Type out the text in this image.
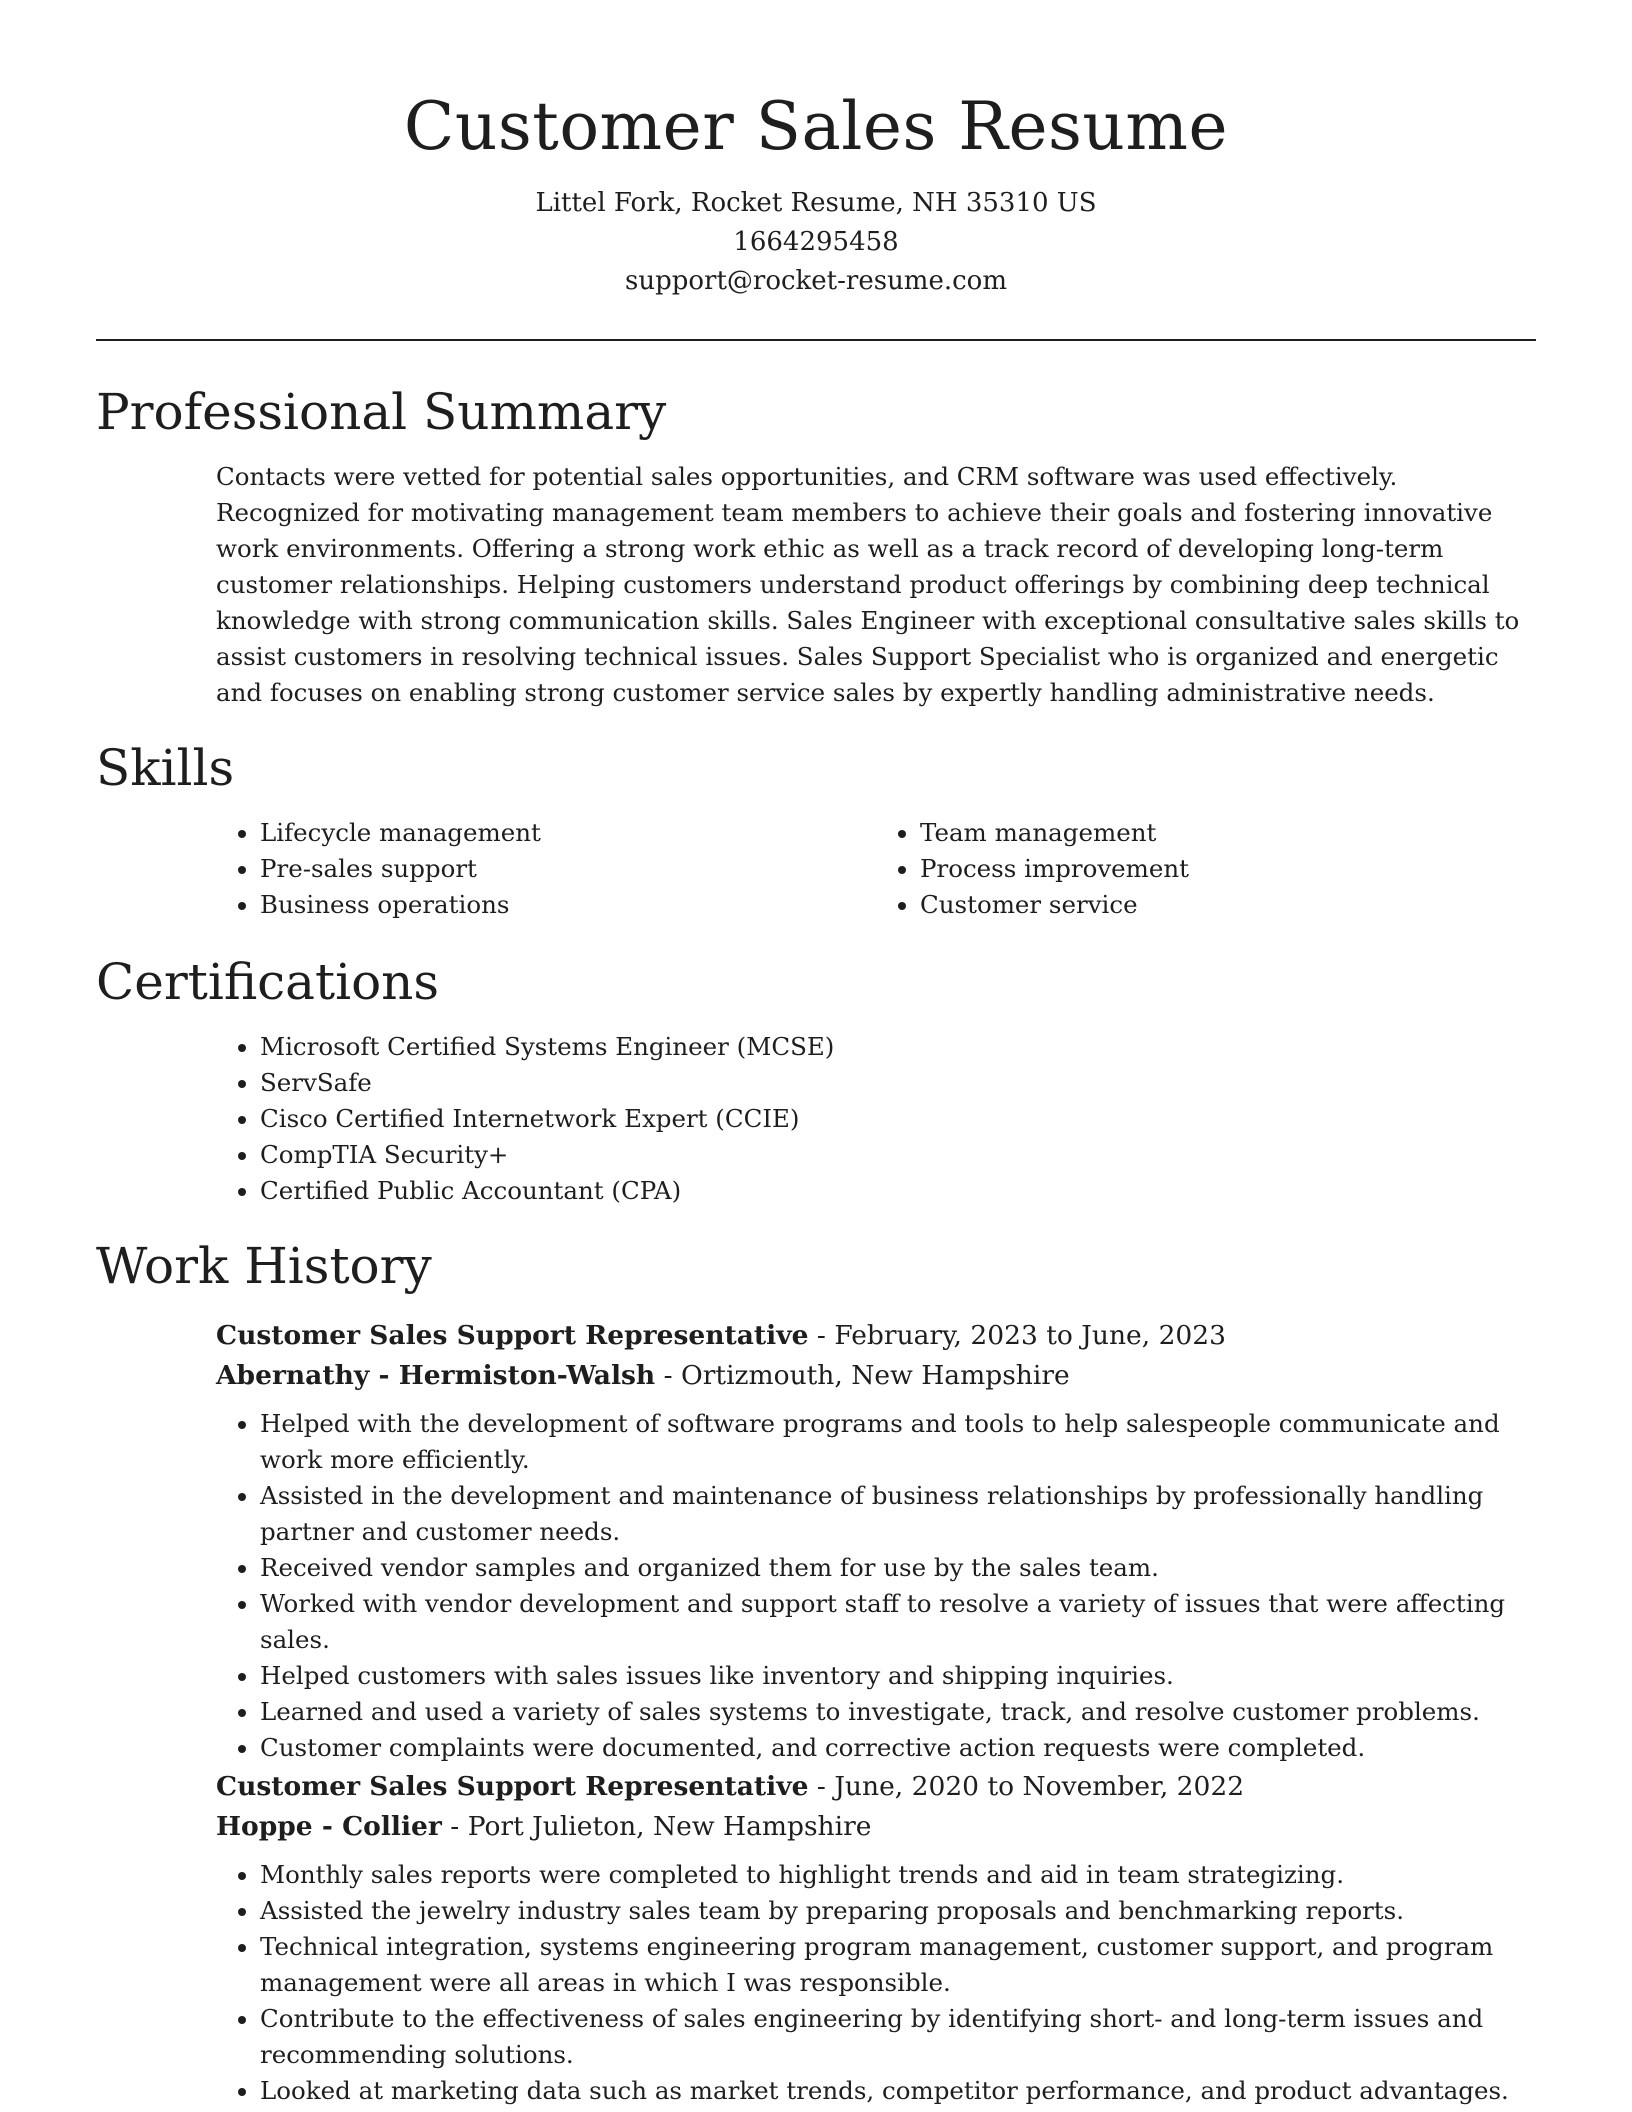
Customer Sales Resume
Littel Fork, Rocket Resume, NH 35310 US
1664295458
support@rocket-resume.com
Professional Summary
Contacts were vetted for potential sales opportunities, and CRM software was used effectively. Recognized for motivating management team members to achieve their goals and fostering innovative work environments. Offering a strong work ethic as well as a track record of developing long-term customer relationships. Helping customers understand product offerings by combining deep technical knowledge with strong communication skills. Sales Engineer with exceptional consultative sales skills to assist customers in resolving technical issues. Sales Support Specialist who is organized and energetic and focuses on enabling strong customer service sales by expertly handling administrative needs.
Skills
• Lifecycle management
• Pre-sales support
• Business operations
• Team management
• Process improvement
• Customer service
Certifications
• Microsoft Certified Systems Engineer (MCSE)
• ServSafe
• Cisco Certified Internetwork Expert (CCIE)
• CompTIA Security+
• Certified Public Accountant (CPA)
Work History
Customer Sales Support Representative - February, 2023 to June, 2023
Abernathy - Hermiston-Walsh - Ortizmouth, New Hampshire
• Helped with the development of software programs and tools to help salespeople communicate and work more efficiently.
• Assisted in the development and maintenance of business relationships by professionally handling partner and customer needs.
• Received vendor samples and organized them for use by the sales team.
• Worked with vendor development and support staff to resolve a variety of issues that were affecting sales.
• Helped customers with sales issues like inventory and shipping inquiries.
• Learned and used a variety of sales systems to investigate, track, and resolve customer problems.
• Customer complaints were documented, and corrective action requests were completed.
Customer Sales Support Representative - June, 2020 to November, 2022
Hoppe - Collier - Port Julieton, New Hampshire
• Monthly sales reports were completed to highlight trends and aid in team strategizing.
• Assisted the jewelry industry sales team by preparing proposals and benchmarking reports.
• Technical integration, systems engineering program management, customer support, and program management were all areas in which I was responsible.
• Contribute to the effectiveness of sales engineering by identifying short- and long-term issues and recommending solutions.
• Looked at marketing data such as market trends, competitor performance, and product advantages.
